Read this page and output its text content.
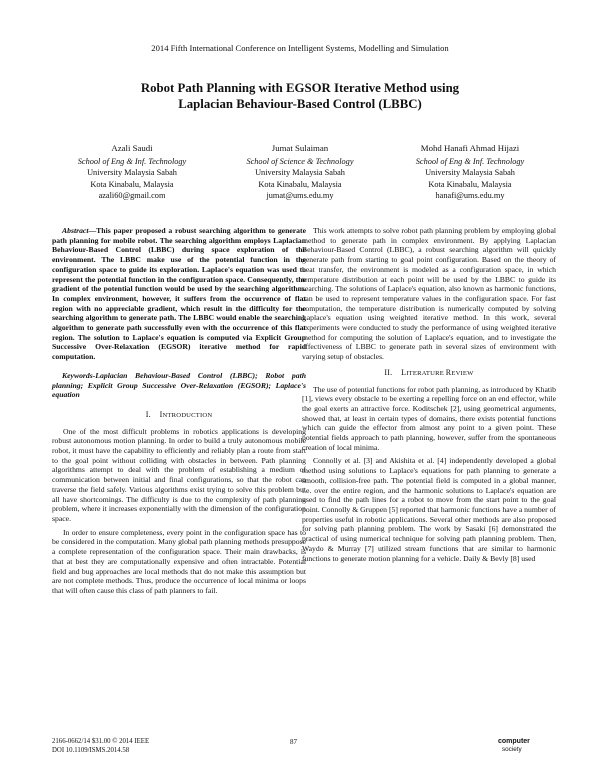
2014 Fifth International Conference on Intelligent Systems, Modelling and Simulation
Robot Path Planning with EGSOR Iterative Method using
Laplacian Behaviour-Based Control (LBBC)
Azali Saudi
School of Eng & Inf. Technology
University Malaysia Sabah
Kota Kinabalu, Malaysia
azali60@gmail.com
Jumat Sulaiman
School of Science & Technology
University Malaysia Sabah
Kota Kinabalu, Malaysia
jumat@ums.edu.my
Mohd Hanafi Ahmad Hijazi
School of Eng & Inf. Technology
University Malaysia Sabah
Kota Kinabalu, Malaysia
hanafi@ums.edu.my

Abstract—This paper proposed a robust searching algorithm to generate path planning for mobile robot. The searching algorithm employs Laplacian Behaviour-Based Control (LBBC) during space exploration of the environment. The LBBC make use of the potential function in the configuration space to guide its exploration. Laplace's equation was used to represent the potential function in the configuration space. Consequently, the gradient of the potential function would be used by the searching algorithm. In complex environment, however, it suffers from the occurrence of flat region with no appreciable gradient, which result in the difficulty for the searching algorithm to generate path. The LBBC would enable the searching algorithm to generate path successfully even with the occurrence of this flat region. The solution to Laplace's equation is computed via Explicit Group Successive Over-Relaxation (EGSOR) iterative method for rapid computation.

Keywords-Laplacian Behaviour-Based Control (LBBC); Robot path planning; Explicit Group Successive Over-Relaxation (EGSOR); Laplace's equation

I. INTRODUCTION

One of the most difficult problems in robotics applications is developing robust autonomous motion planning. In order to build a truly autonomous mobile robot, it must have the capability to efficiently and reliably plan a route from start to the goal point without colliding with obstacles in between. Path planning algorithms attempt to deal with the problem of establishing a medium of communication between initial and final configurations, so that the robot can traverse the field safely. Various algorithms exist trying to solve this problem but all have shortcomings. The difficulty is due to the complexity of path planning problem, where it increases exponentially with the dimension of the configuration space.

In order to ensure completeness, every point in the configuration space has to be considered in the computation. Many global path planning methods presuppose a complete representation of the configuration space. Their main drawbacks, is that at best they are computationally expensive and often intractable. Potential field and bug approaches are local methods that do not make this assumption but are not complete methods. Thus, produce the occurrence of local minima or loops that will often cause this class of path planners to fail.

This work attempts to solve robot path planning problem by employing global method to generate path in complex environment. By applying Laplacian Behaviour-Based Control (LBBC), a robust searching algorithm will quickly generate path from starting to goal point configuration. Based on the theory of heat transfer, the environment is modeled as a configuration space, in which temperature distribution at each point will be used by the LBBC to guide its searching. The solutions of Laplace's equation, also known as harmonic functions, can be used to represent temperature values in the configuration space. For fast computation, the temperature distribution is numerically computed by solving Laplace's equation using weighted iterative method. In this work, several experiments were conducted to study the performance of using weighted iterative method for computing the solution of Laplace's equation, and to investigate the effectiveness of LBBC to generate path in several sizes of environment with varying setup of obstacles.

II. LITERATURE REVIEW

The use of potential functions for robot path planning, as introduced by Khatib [1], views every obstacle to be exerting a repelling force on an end effector, while the goal exerts an attractive force. Koditschek [2], using geometrical arguments, showed that, at least in certain types of domains, there exists potential functions which can guide the effector from almost any point to a given point. These potential fields approach to path planning, however, suffer from the spontaneous creation of local minima.

Connolly et al. [3] and Akishita et al. [4] independently developed a global method using solutions to Laplace's equations for path planning to generate a smooth, collision-free path. The potential field is computed in a global manner, i.e. over the entire region, and the harmonic solutions to Laplace's equation are used to find the path lines for a robot to move from the start point to the goal point. Connolly & Gruppen [5] reported that harmonic functions have a number of properties useful in robotic applications. Several other methods are also proposed for solving path planning problem. The work by Sasaki [6] demonstrated the practical of using numerical technique for solving path planning problem. Then, Waydo & Murray [7] utilized stream functions that are similar to harmonic functions to generate motion planning for a vehicle. Daily & Bevly [8] used

2166-0662/14 $31.00 © 2014 IEEE
DOI 10.1109/ISMS.2014.58
87	computer
society
